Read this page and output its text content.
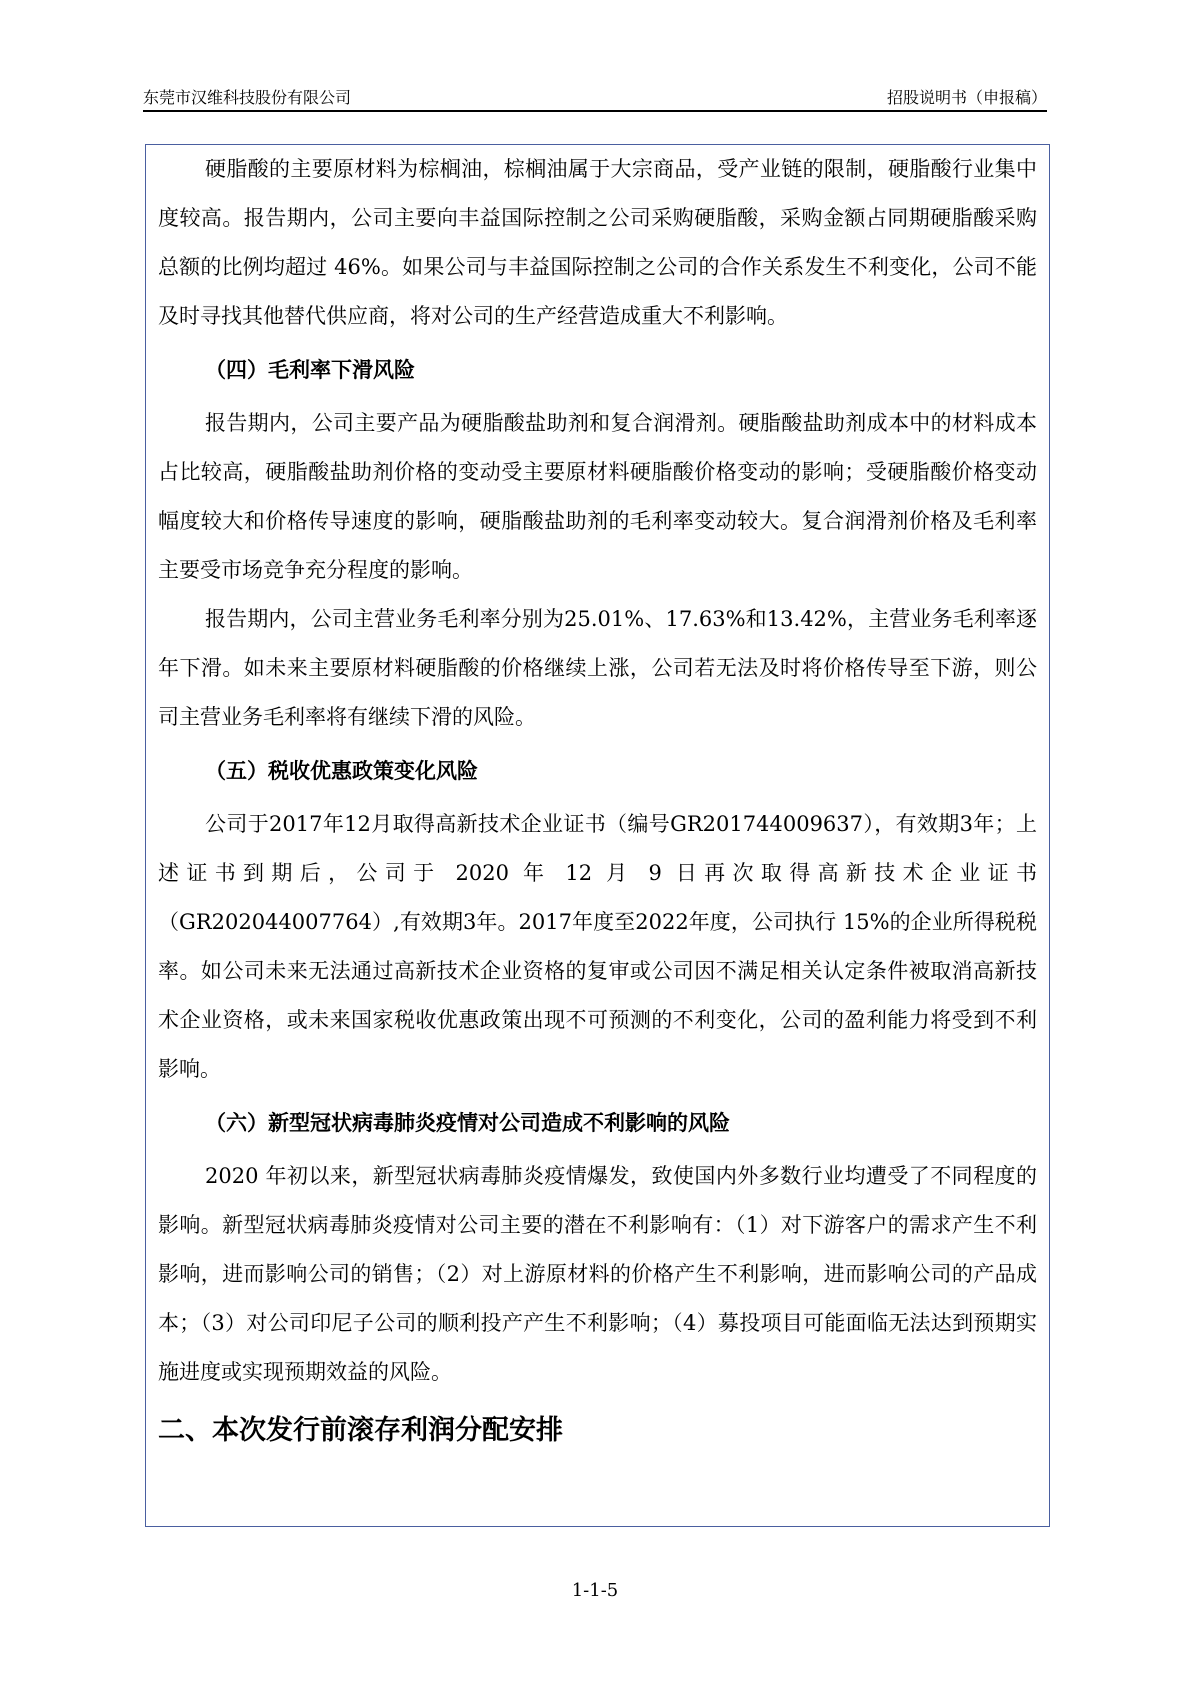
东莞市汉维科技股份有限公司	招股说明书（申报稿）

硬脂酸的主要原材料为棕榈油，棕榈油属于大宗商品，受产业链的限制，硬脂酸行业集中度较高。报告期内，公司主要向丰益国际控制之公司采购硬脂酸，采购金额占同期硬脂酸采购总额的比例均超过 46%。如果公司与丰益国际控制之公司的合作关系发生不利变化，公司不能及时寻找其他替代供应商，将对公司的生产经营造成重大不利影响。

（四）毛利率下滑风险

报告期内，公司主要产品为硬脂酸盐助剂和复合润滑剂。硬脂酸盐助剂成本中的材料成本占比较高，硬脂酸盐助剂价格的变动受主要原材料硬脂酸价格变动的影响；受硬脂酸价格变动幅度较大和价格传导速度的影响，硬脂酸盐助剂的毛利率变动较大。复合润滑剂价格及毛利率主要受市场竞争充分程度的影响。

报告期内，公司主营业务毛利率分别为25.01%、17.63%和13.42%，主营业务毛利率逐年下滑。如未来主要原材料硬脂酸的价格继续上涨，公司若无法及时将价格传导至下游，则公司主营业务毛利率将有继续下滑的风险。

（五）税收优惠政策变化风险

公司于2017年12月取得高新技术企业证书（编号GR201744009637），有效期3年；上述证书到期后，公司于 2020 年 12 月 9 日再次取得高新技术企业证书（GR202044007764）,有效期3年。2017年度至2022年度，公司执行 15%的企业所得税税率。如公司未来无法通过高新技术企业资格的复审或公司因不满足相关认定条件被取消高新技术企业资格，或未来国家税收优惠政策出现不可预测的不利变化，公司的盈利能力将受到不利影响。

（六）新型冠状病毒肺炎疫情对公司造成不利影响的风险

2020 年初以来，新型冠状病毒肺炎疫情爆发，致使国内外多数行业均遭受了不同程度的影响。新型冠状病毒肺炎疫情对公司主要的潜在不利影响有：（1）对下游客户的需求产生不利影响，进而影响公司的销售；（2）对上游原材料的价格产生不利影响，进而影响公司的产品成本；（3）对公司印尼子公司的顺利投产产生不利影响；（4）募投项目可能面临无法达到预期实施进度或实现预期效益的风险。

二、本次发行前滚存利润分配安排

1-1-5
